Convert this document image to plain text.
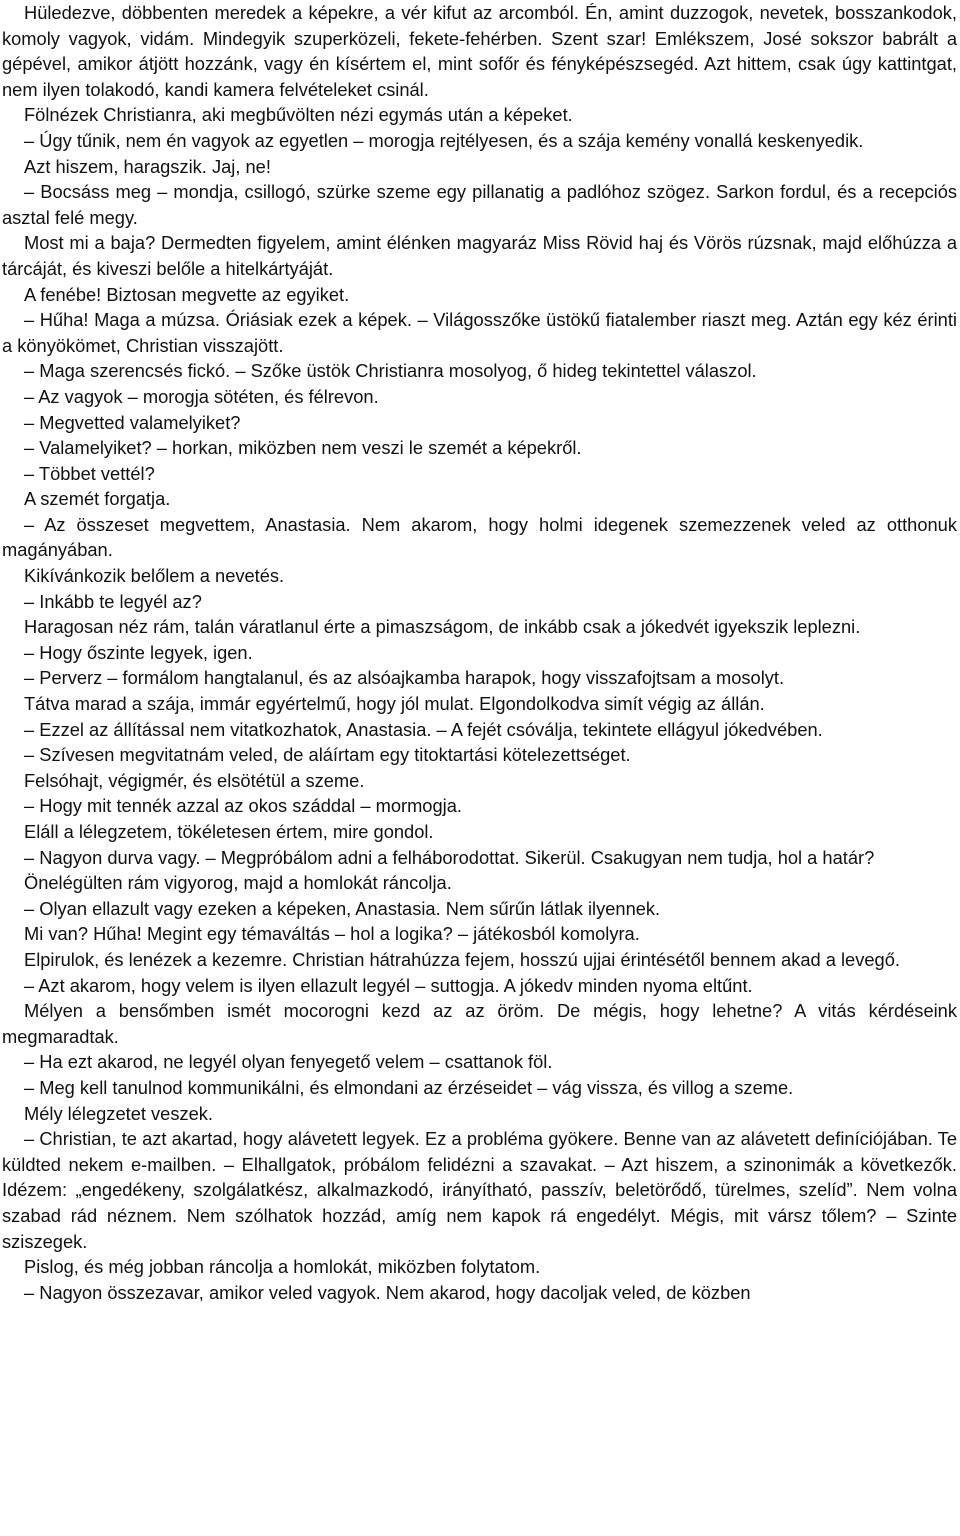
Hüledezve, döbbenten meredek a képekre, a vér kifut az arcomból. Én, amint duzzogok, nevetek, bosszankodok, komoly vagyok, vidám. Mindegyik szuperközeli, fekete-fehérben. Szent szar! Emlékszem, José sokszor babrált a gépével, amikor átjött hozzánk, vagy én kísértem el, mint sofőr és fényképészsegéd. Azt hittem, csak úgy kattintgat, nem ilyen tolakodó, kandi kamera felvételeket csinál.

Fölnézek Christianra, aki megbűvölten nézi egymás után a képeket.

– Úgy tűnik, nem én vagyok az egyetlen – morogja rejtélyesen, és a szája kemény vonallá keskenyedik.

Azt hiszem, haragszik. Jaj, ne!

– Bocsáss meg – mondja, csillogó, szürke szeme egy pillanatig a padlóhoz szögez. Sarkon fordul, és a recepciós asztal felé megy.

Most mi a baja? Dermedten figyelem, amint élénken magyaráz Miss Rövid haj és Vörös rúzsnak, majd előhúzza a tárcáját, és kiveszi belőle a hitelkártyáját.

A fenébe! Biztosan megvette az egyiket.

– Hűha! Maga a múzsa. Óriásiak ezek a képek. – Világosszőke üstökű fiatalember riaszt meg. Aztán egy kéz érinti a könyökömet, Christian visszajött.

– Maga szerencsés fickó. – Szőke üstök Christianra mosolyog, ő hideg tekintettel válaszol.

– Az vagyok – morogja sötéten, és félrevon.

– Megvetted valamelyiket?

– Valamelyiket? – horkan, miközben nem veszi le szemét a képekről.

– Többet vettél?

A szemét forgatja.

– Az összeset megvettem, Anastasia. Nem akarom, hogy holmi idegenek szemezzenek veled az otthonuk magányában.

Kikívánkozik belőlem a nevetés.

– Inkább te legyél az?

Haragosan néz rám, talán váratlanul érte a pimaszságom, de inkább csak a jókedvét igyekszik leplezni.

– Hogy őszinte legyek, igen.

– Perverz – formálom hangtalanul, és az alsóajkamba harapok, hogy visszafojtsam a mosolyt.

Tátva marad a szája, immár egyértelmű, hogy jól mulat. Elgondolkodva simít végig az állán.

– Ezzel az állítással nem vitatkozhatok, Anastasia. – A fejét csóválja, tekintete ellágyul jókedvében.

– Szívesen megvitatnám veled, de aláírtam egy titoktartási kötelezettséget.

Felsóhajt, végigmér, és elsötétül a szeme.

– Hogy mit tennék azzal az okos száddal – mormogja.

Eláll a lélegzetem, tökéletesen értem, mire gondol.

– Nagyon durva vagy. – Megpróbálom adni a felháborodottat. Sikerül. Csakugyan nem tudja, hol a határ?

Önelégülten rám vigyorog, majd a homlokát ráncolja.

– Olyan ellazult vagy ezeken a képeken, Anastasia. Nem sűrűn látlak ilyennek.

Mi van? Hűha! Megint egy témaváltás – hol a logika? – játékosból komolyra.

Elpirulok, és lenézek a kezemre. Christian hátrahúzza fejem, hosszú ujjai érintésétől bennem akad a levegő.

– Azt akarom, hogy velem is ilyen ellazult legyél – suttogja. A jókedv minden nyoma eltűnt.

Mélyen a bensőmben ismét mocorogni kezd az az öröm. De mégis, hogy lehetne? A vitás kérdéseink megmaradtak.

– Ha ezt akarod, ne legyél olyan fenyegető velem – csattanok föl.

– Meg kell tanulnod kommunikálni, és elmondani az érzéseidet – vág vissza, és villog a szeme.

Mély lélegzetet veszek.

– Christian, te azt akartad, hogy alávetett legyek. Ez a probléma gyökere. Benne van az alávetett definíciójában. Te küldted nekem e-mailben. – Elhallgatok, próbálom felidézni a szavakat. – Azt hiszem, a szinonimák a következők. Idézem: „engedékeny, szolgálatkész, alkalmazkodó, irányítható, passzív, beletörődő, türelmes, szelíd”. Nem volna szabad rád néznem. Nem szólhatok hozzád, amíg nem kapok rá engedélyt. Mégis, mit vársz tőlem? – Szinte sziszegek.

Pislog, és még jobban ráncolja a homlokát, miközben folytatom.

– Nagyon összezavar, amikor veled vagyok. Nem akarod, hogy dacoljak veled, de közben
